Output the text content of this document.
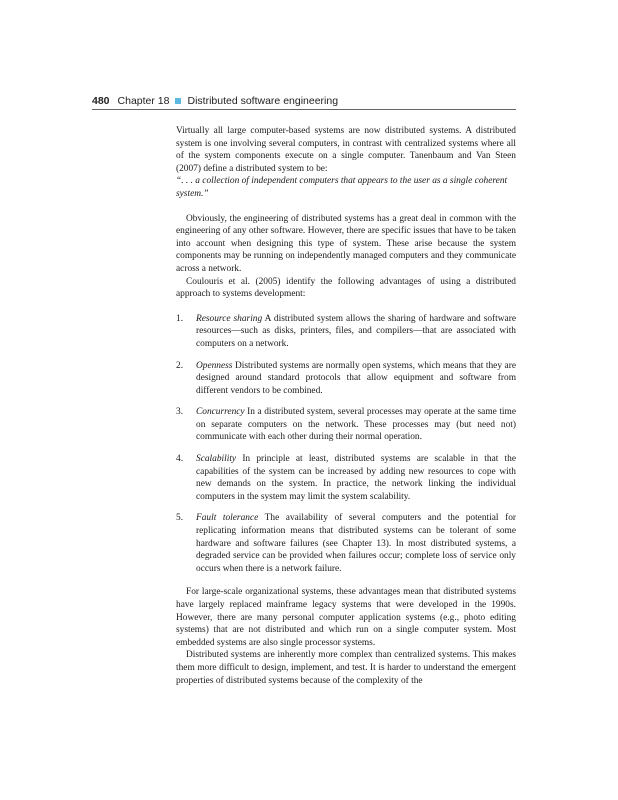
480 Chapter 18 Distributed software engineering

Virtually all large computer-based systems are now distributed systems. A distributed system is one involving several computers, in contrast with centralized systems where all of the system components execute on a single computer. Tanenbaum and Van Steen (2007) define a distributed system to be:

“. . . a collection of independent computers that appears to the user as a single coherent system.”

Obviously, the engineering of distributed systems has a great deal in common with the engineering of any other software. However, there are specific issues that have to be taken into account when designing this type of system. These arise because the system components may be running on independently managed computers and they communicate across a network.

Coulouris et al. (2005) identify the following advantages of using a distributed approach to systems development:

1. Resource sharing A distributed system allows the sharing of hardware and software resources—such as disks, printers, files, and compilers—that are associated with computers on a network.
2. Openness Distributed systems are normally open systems, which means that they are designed around standard protocols that allow equipment and software from different vendors to be combined.
3. Concurrency In a distributed system, several processes may operate at the same time on separate computers on the network. These processes may (but need not) communicate with each other during their normal operation.
4. Scalability In principle at least, distributed systems are scalable in that the capabilities of the system can be increased by adding new resources to cope with new demands on the system. In practice, the network linking the individual computers in the system may limit the system scalability.
5. Fault tolerance The availability of several computers and the potential for replicating information means that distributed systems can be tolerant of some hardware and software failures (see Chapter 13). In most distributed systems, a degraded service can be provided when failures occur; complete loss of service only occurs when there is a network failure.

For large-scale organizational systems, these advantages mean that distributed systems have largely replaced mainframe legacy systems that were developed in the 1990s. However, there are many personal computer application systems (e.g., photo editing systems) that are not distributed and which run on a single computer system. Most embedded systems are also single processor systems.

Distributed systems are inherently more complex than centralized systems. This makes them more difficult to design, implement, and test. It is harder to understand the emergent properties of distributed systems because of the complexity of the
